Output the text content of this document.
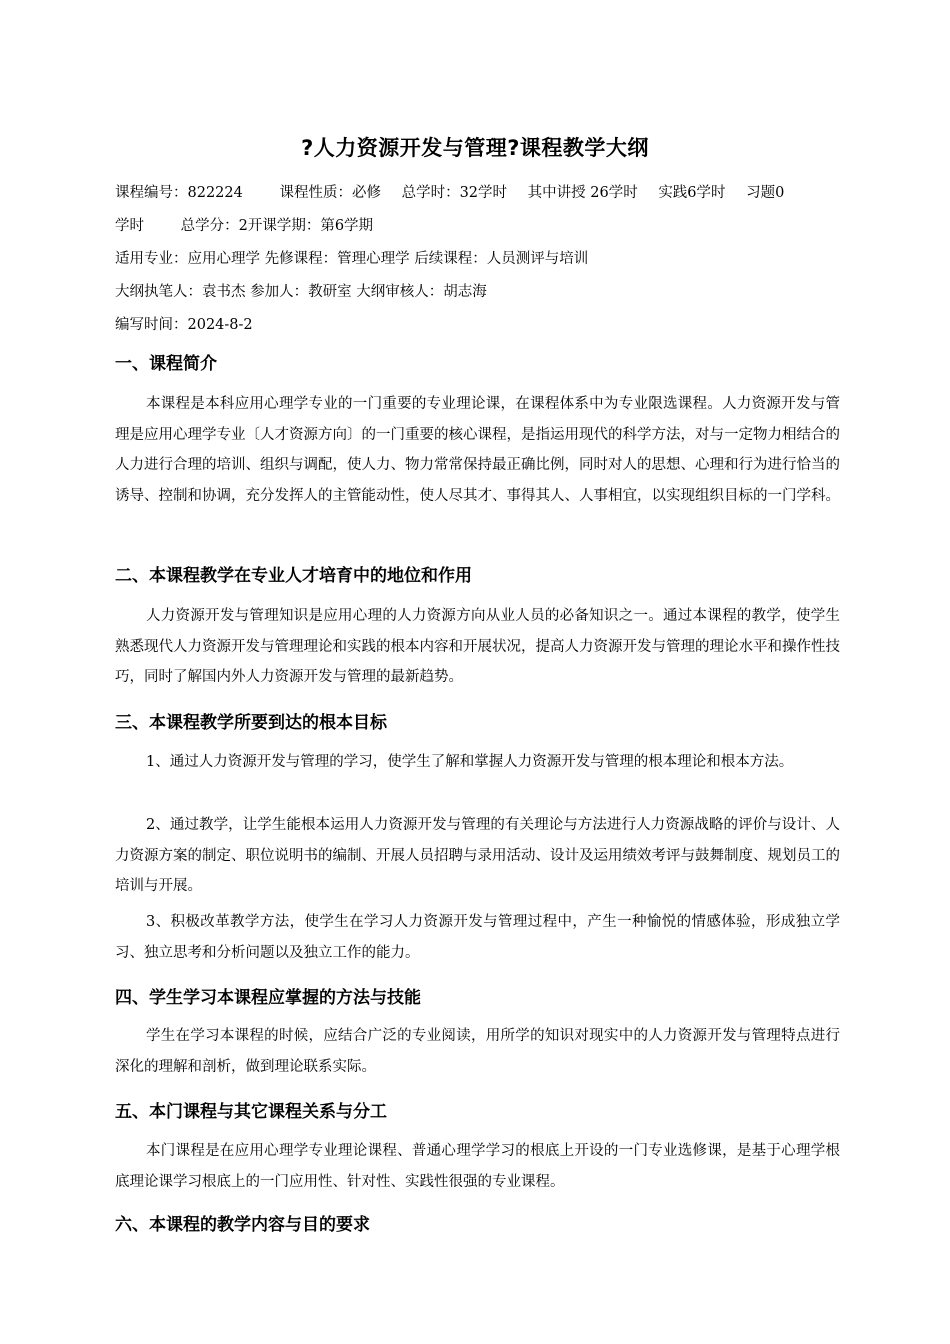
?人力资源开发与管理?课程教学大纲
课程编号：822224	课程性质：必修 总学时：32学时 其中讲授 26学时 实践6学时 习题0
学时	总学分：2开课学期：第6学期
适用专业：应用心理学 先修课程：管理心理学 后续课程：人员测评与培训
大纲执笔人：袁书杰 参加人：教研室 大纲审核人：胡志海
编写时间：2024-8-2
一、课程简介
本课程是本科应用心理学专业的一门重要的专业理论课，在课程体系中为专业限选课程。人力资源开发与管理是应用心理学专业〔人才资源方向〕的一门重要的核心课程，是指运用现代的科学方法，对与一定物力相结合的人力进行合理的培训、组织与调配，使人力、物力常常保持最正确比例，同时对人的思想、心理和行为进行恰当的诱导、控制和协调，充分发挥人的主管能动性，使人尽其才、事得其人、人事相宜，以实现组织目标的一门学科。
二、本课程教学在专业人才培育中的地位和作用
人力资源开发与管理知识是应用心理的人力资源方向从业人员的必备知识之一。通过本课程的教学，使学生熟悉现代人力资源开发与管理理论和实践的根本内容和开展状况，提高人力资源开发与管理的理论水平和操作性技巧，同时了解国内外人力资源开发与管理的最新趋势。
三、本课程教学所要到达的根本目标
1、通过人力资源开发与管理的学习，使学生了解和掌握人力资源开发与管理的根本理论和根本方法。
2、通过教学，让学生能根本运用人力资源开发与管理的有关理论与方法进行人力资源战略的评价与设计、人力资源方案的制定、职位说明书的编制、开展人员招聘与录用活动、设计及运用绩效考评与鼓舞制度、规划员工的培训与开展。
3、积极改革教学方法，使学生在学习人力资源开发与管理过程中，产生一种愉悦的情感体验，形成独立学习、独立思考和分析问题以及独立工作的能力。
四、学生学习本课程应掌握的方法与技能
学生在学习本课程的时候，应结合广泛的专业阅读，用所学的知识对现实中的人力资源开发与管理特点进行深化的理解和剖析，做到理论联系实际。
五、本门课程与其它课程关系与分工
本门课程是在应用心理学专业理论课程、普通心理学学习的根底上开设的一门专业选修课，是基于心理学根底理论课学习根底上的一门应用性、针对性、实践性很强的专业课程。
六、本课程的教学内容与目的要求
